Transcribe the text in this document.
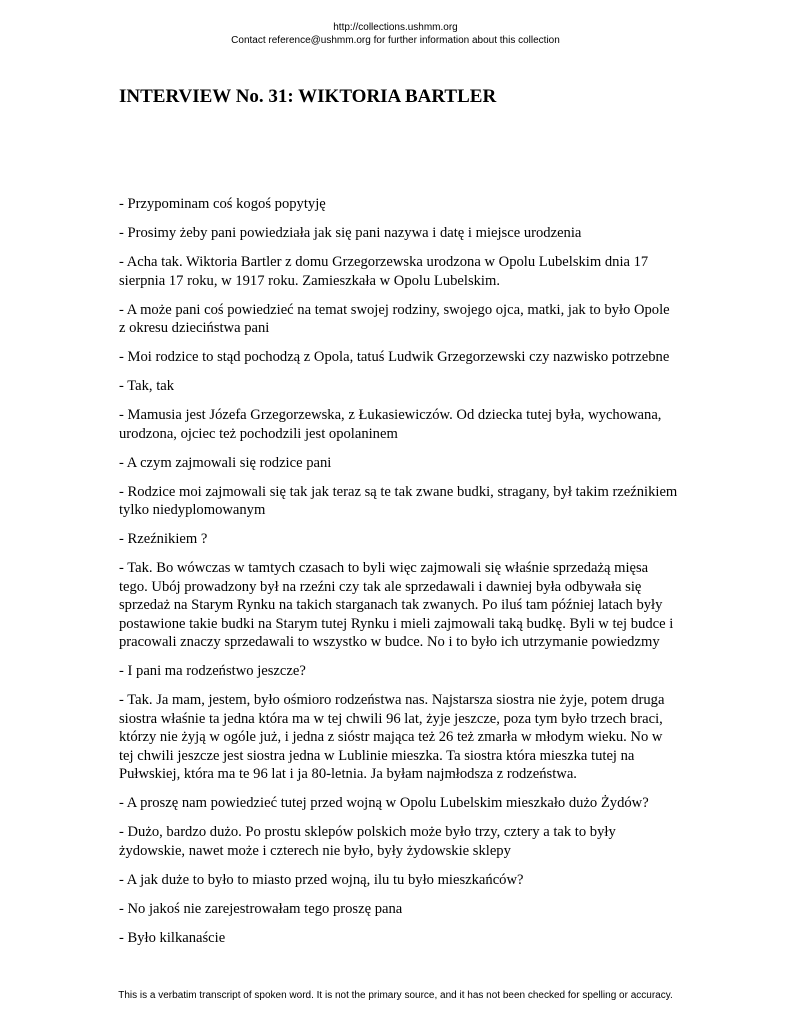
http://collections.ushmm.org
Contact reference@ushmm.org for further information about this collection
INTERVIEW No. 31: WIKTORIA BARTLER

- Przypominam coś kogoś popytyję

- Prosimy żeby pani powiedziała jak się pani nazywa i datę i miejsce urodzenia

- Acha tak. Wiktoria Bartler z domu Grzegorzewska urodzona w Opolu Lubelskim dnia 17 sierpnia 17 roku, w 1917 roku. Zamieszkała w Opolu Lubelskim.

- A może pani coś powiedzieć na temat swojej rodziny, swojego ojca, matki, jak to było Opole z okresu dzieciństwa pani

- Moi rodzice to stąd pochodzą z Opola, tatuś Ludwik Grzegorzewski czy nazwisko potrzebne

- Tak, tak

- Mamusia jest Józefa Grzegorzewska, z Łukasiewiczów. Od dziecka tutej była, wychowana, urodzona, ojciec też pochodzili jest opolaninem

- A czym zajmowali się rodzice pani

- Rodzice moi zajmowali się tak jak teraz są te tak zwane budki, stragany, był takim rzeźnikiem tylko niedyplomowanym

- Rzeźnikiem ?

- Tak. Bo wówczas w tamtych czasach to byli więc zajmowali się właśnie sprzedażą mięsa tego. Ubój prowadzony był na rzeźni czy tak ale sprzedawali i dawniej była odbywała się sprzedaż na Starym Rynku na takich starganach tak zwanych. Po iluś tam później latach były postawione takie budki na Starym tutej Rynku i mieli zajmowali taką budkę. Byli w tej budce i pracowali znaczy sprzedawali to wszystko w budce. No i to było ich utrzymanie powiedzmy

- I pani ma rodzeństwo jeszcze?

- Tak. Ja mam, jestem, było ośmioro rodzeństwa nas. Najstarsza siostra nie żyje, potem druga siostra właśnie ta jedna która ma w tej chwili 96 lat, żyje jeszcze, poza tym było trzech braci, którzy nie żyją w ogóle już, i jedna z sióstr mająca też 26 też zmarła w młodym wieku. No w tej chwili jeszcze jest siostra jedna w Lublinie mieszka. Ta siostra która mieszka tutej na Pułwskiej, która ma te 96 lat i ja 80-letnia. Ja byłam najmłodsza z rodzeństwa.

- A proszę nam powiedzieć tutej przed wojną w Opolu Lubelskim mieszkało dużo Żydów?

- Dużo, bardzo dużo. Po prostu sklepów polskich może było trzy, cztery a tak to były żydowskie, nawet może i czterech nie było, były żydowskie sklepy

- A jak duże to było to miasto przed wojną, ilu tu było mieszkańców?

- No jakoś nie zarejestrowałam tego proszę pana

- Było kilkanaście

This is a verbatim transcript of spoken word. It is not the primary source, and it has not been checked for spelling or accuracy.
